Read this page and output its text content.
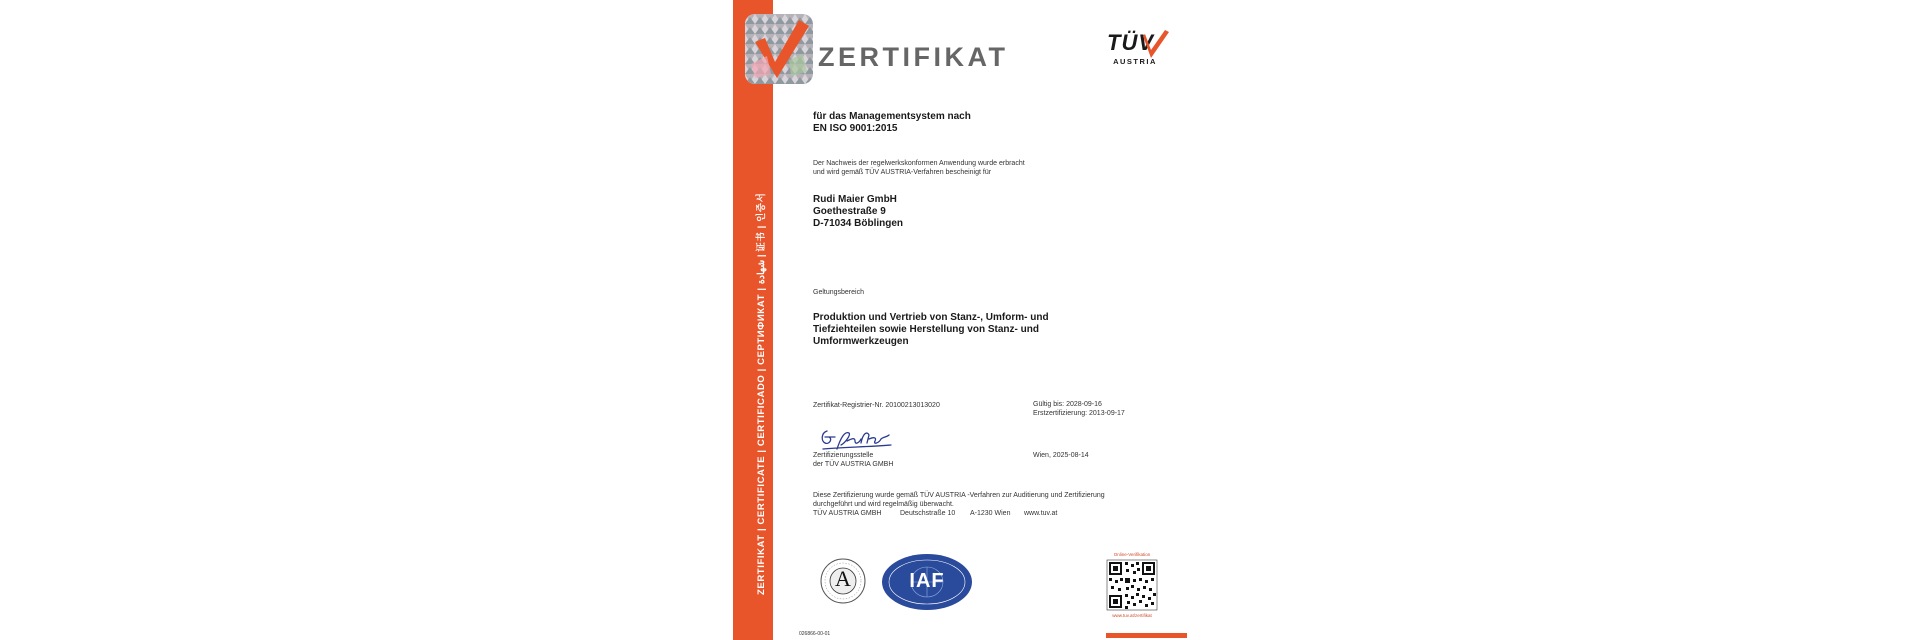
ZERTIFIKAT | CERTIFICATE | CERTIFICADO | СЕРТИФИКАТ | شهادة | 证书 | 인증서
ZERTIFIKAT	TÜV
AUSTRIA
für das Managementsystem nach
EN ISO 9001:2015
Der Nachweis der regelwerkskonformen Anwendung wurde erbracht
und wird gemäß TÜV AUSTRIA-Verfahren bescheinigt für
Rudi Maier GmbH
Goethestraße 9
D-71034 Böblingen
Geltungsbereich
Produktion und Vertrieb von Stanz-, Umform- und
Tiefziehteilen sowie Herstellung von Stanz- und
Umformwerkzeugen
Zertifikat-Registrier-Nr. 20100213013020	Gültig bis: 2028-09-16
Erstzertifizierung: 2013-09-17
Zertifizierungsstelle
der TÜV AUSTRIA GMBH
Wien, 2025-08-14
Diese Zertifizierung wurde gemäß TÜV AUSTRIA -Verfahren zur Auditierung und Zertifizierung
durchgeführt und wird regelmäßig überwacht.
TÜV AUSTRIA GMBH	Deutschstraße 10 A-1230 Wien www.tuv.at
A	IAF
Online-Verifikation
www.tuv.at/zertifikat
026866-00-01
